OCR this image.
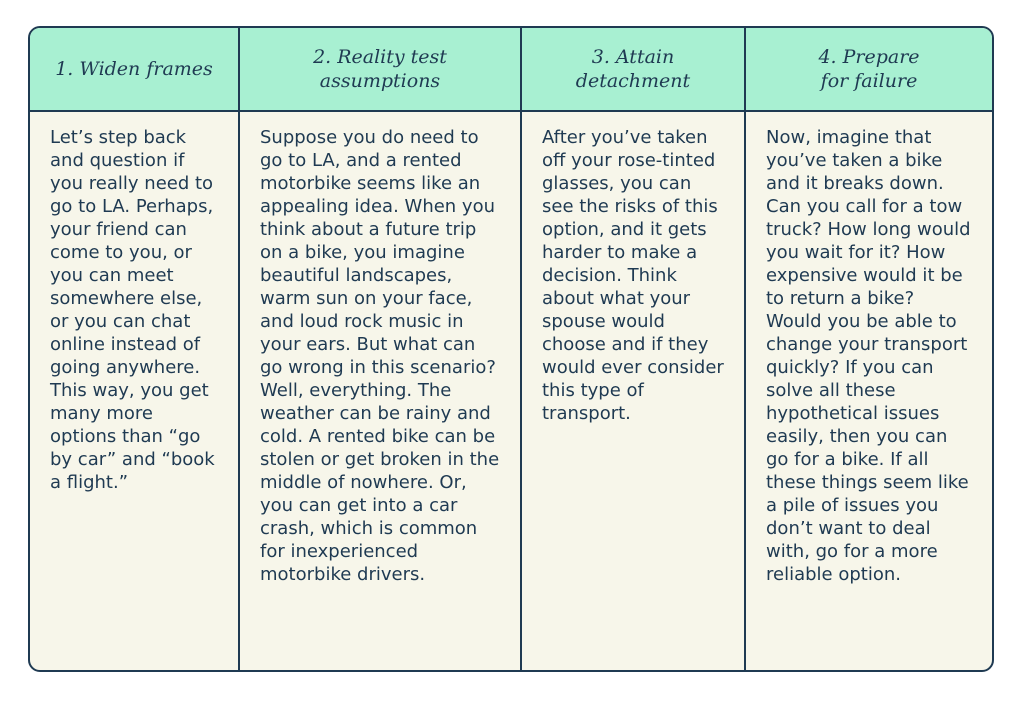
1. Widen frames
2. Reality test
assumptions
3. Attain
detachment
4. Prepare
for failure
Let’s step back and question if you really need to go to LA. Perhaps, your friend can come to you, or you can meet somewhere else, or you can chat online instead of going anywhere. This way, you get many more options than “go by car” and “book a flight.”
Suppose you do need to go to LA, and a rented motorbike seems like an appealing idea. When you think about a future trip on a bike, you imagine beautiful landscapes, warm sun on your face, and loud rock music in your ears. But what can go wrong in this scenario? Well, everything. The weather can be rainy and cold. A rented bike can be stolen or get broken in the middle of nowhere. Or, you can get into a car crash, which is common for inexperienced motorbike drivers.
After you’ve taken off your rose-tinted glasses, you can see the risks of this option, and it gets harder to make a decision. Think about what your spouse would choose and if they would ever consider this type of transport.
Now, imagine that you’ve taken a bike and it breaks down. Can you call for a tow truck? How long would you wait for it? How expensive would it be to return a bike? Would you be able to change your transport quickly? If you can solve all these hypothetical issues easily, then you can go for a bike. If all these things seem like a pile of issues you don’t want to deal with, go for a more reliable option.
